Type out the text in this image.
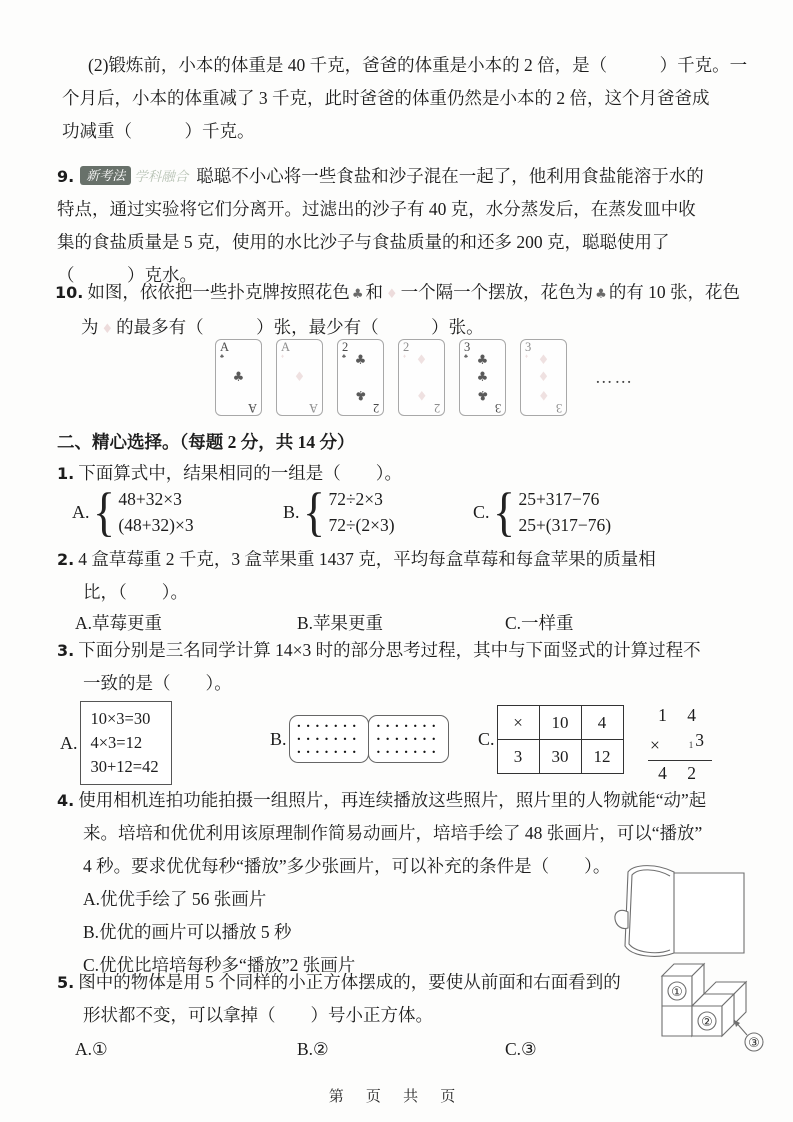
(2)锻炼前，小本的体重是 40 千克，爸爸的体重是小本的 2 倍，是（　　　）千克。一
个月后，小本的体重减了 3 千克，此时爸爸的体重仍然是小本的 2 倍，这个月爸爸成
功减重（　　　）千克。
9. 新考法 学科融合 聪聪不小心将一些食盐和沙子混在一起了，他利用食盐能溶于水的
特点，通过实验将它们分离开。过滤出的沙子有 40 克，水分蒸发后，在蒸发皿中收
集的食盐质量是 5 克，使用的水比沙子与食盐质量的和还多 200 克，聪聪使用了
（　　　）克水。
10. 如图，依依把一些扑克牌按照花色 ♣ 和 ♦ 一个隔一个摆放，花色为 ♣ 的有 10 张，花色
为 ♦ 的最多有（　　　）张，最少有（　　　）张。
A
♣
♣
A
A
♦
♦
A
2
♣ ♣
♣
2
2
♦ ♦
♦
2
3
♣ ♣
♣
♣
3
3
♦ ♦
♦
♦
3
……
二、精心选择。（每题 2 分，共 14 分）
1. 下面算式中，结果相同的一组是（　　）。
A. { 48+32×3
(48+32)×3
B. { 72÷2×3
72÷(2×3)
C. { 25+317−76
25+(317−76)
2. 4 盒草莓重 2 千克，3 盒苹果重 1437 克，平均每盒草莓和每盒苹果的质量相
比，（　　）。
A.草莓更重	B.苹果更重	C.一样重
3. 下面分别是三名同学计算 14×3 时的部分思考过程，其中与下面竖式的计算过程不
一致的是（　　）。
A.
10×3=30
4×3=12
30+12=42
B.
•••••••
•••••••
•••••••
•••••••
•••••••
•••••••
C.
×	10	4
3	30	12
1 4
×	1 3
4 2
4. 使用相机连拍功能拍摄一组照片，再连续播放这些照片，照片里的人物就能“动”起
来。培培和优优利用该原理制作简易动画片，培培手绘了 48 张画片，可以“播放”
4 秒。要求优优每秒“播放”多少张画片，可以补充的条件是（　　）。
A.优优手绘了 56 张画片
B.优优的画片可以播放 5 秒
C.优优比培培每秒多“播放”2 张画片
5. 图中的物体是用 5 个同样的小正方体摆成的，要使从前面和右面看到的
形状都不变，可以拿掉（　　）号小正方体。
A.①	B.②	C.③
①
②
③
第 页 共 页
